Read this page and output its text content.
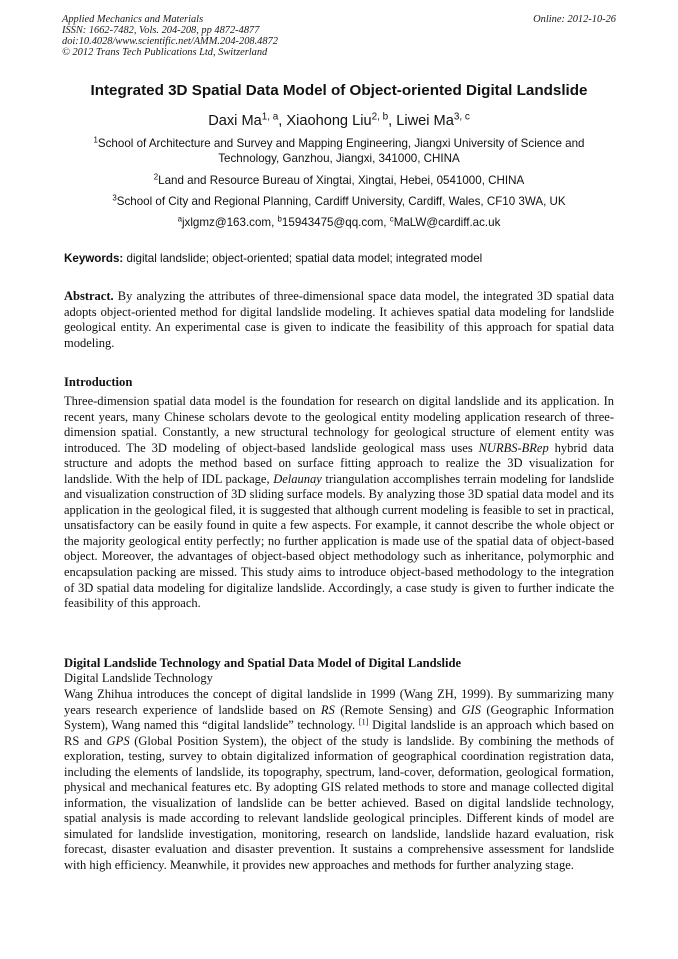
Applied Mechanics and Materials
ISSN: 1662-7482, Vols. 204-208, pp 4872-4877
doi:10.4028/www.scientific.net/AMM.204-208.4872
© 2012 Trans Tech Publications Ltd, Switzerland
Online: 2012-10-26
Integrated 3D Spatial Data Model of Object-oriented Digital Landslide
Daxi Ma$^{1, a}$, Xiaohong Liu$^{2, b}$, Liwei Ma$^{3, c}$
$^1$School of Architecture and Survey and Mapping Engineering, Jiangxi University of Science and
Technology, Ganzhou, Jiangxi, 341000, CHINA
$^2$Land and Resource Bureau of Xingtai, Xingtai, Hebei, 0541000, CHINA
$^3$School of City and Regional Planning, Cardiff University, Cardiff, Wales, CF10 3WA, UK
$^a$jxlgmz@163.com, $^b$15943475@qq.com, $^c$MaLW@cardiff.ac.uk
Keywords: digital landslide; object-oriented; spatial data model; integrated model
Abstract. By analyzing the attributes of three-dimensional space data model, the integrated 3D spatial data adopts object-oriented method for digital landslide modeling. It achieves spatial data modeling for landslide geological entity. An experimental case is given to indicate the feasibility of this approach for spatial data modeling.
Introduction
Three-dimension spatial data model is the foundation for research on digital landslide and its application. In recent years, many Chinese scholars devote to the geological entity modeling application research of three-dimension spatial. Constantly, a new structural technology for geological structure of element entity was introduced. The 3D modeling of object-based landslide geological mass uses NURBS-BRep hybrid data structure and adopts the method based on surface fitting approach to realize the 3D visualization for landslide. With the help of IDL package, Delaunay triangulation accomplishes terrain modeling for landslide and visualization construction of 3D sliding surface models. By analyzing those 3D spatial data model and its application in the geological filed, it is suggested that although current modeling is feasible to set in practical, unsatisfactory can be easily found in quite a few aspects. For example, it cannot describe the whole object or the majority geological entity perfectly; no further application is made use of the spatial data of object-based object. Moreover, the advantages of object-based object methodology such as inheritance, polymorphic and encapsulation packing are missed. This study aims to introduce object-based methodology to the integration of 3D spatial data modeling for digitalize landslide. Accordingly, a case study is given to further indicate the feasibility of this approach.
Digital Landslide Technology and Spatial Data Model of Digital Landslide
Digital Landslide Technology
Wang Zhihua introduces the concept of digital landslide in 1999 (Wang ZH, 1999). By summarizing many years research experience of landslide based on RS (Remote Sensing) and GIS (Geographic Information System), Wang named this “digital landslide” technology. [1] Digital landslide is an approach which based on RS and GPS (Global Position System), the object of the study is landslide. By combining the methods of exploration, testing, survey to obtain digitalized information of geographical coordination registration data, including the elements of landslide, its topography, spectrum, land-cover, deformation, geological formation, physical and mechanical features etc. By adopting GIS related methods to store and manage collected digital information, the visualization of landslide can be better achieved. Based on digital landslide technology, spatial analysis is made according to relevant landslide geological principles. Different kinds of model are simulated for landslide investigation, monitoring, research on landslide, landslide hazard evaluation, risk forecast, disaster evaluation and disaster prevention. It sustains a comprehensive assessment for landslide with high efficiency. Meanwhile, it provides new approaches and methods for further analyzing stage.
